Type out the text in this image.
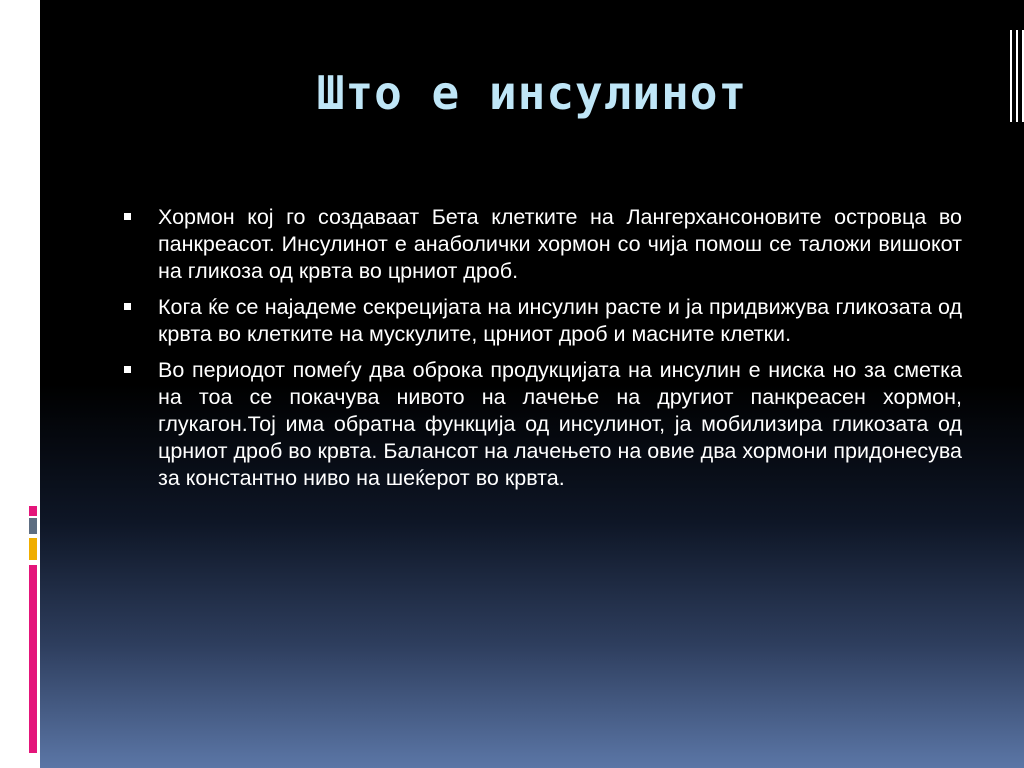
Што е инсулинот
Хормон кој го создаваат Бета клетките на Лангерхансоновите островца во панкреасот. Инсулинот е анаболички хормон со чија помош се таложи вишокот на гликоза од крвта во црниот дроб.
Кога ќе се најадеме секрецијата на инсулин расте и ја придвижува гликозата од крвта во клетките на мускулите, црниот дроб и масните клетки.
Во периодот помеѓу два оброка продукцијата на инсулин е ниска но за сметка на тоа се покачува нивото на лачење на другиот панкреасен хормон, глукагон.Тој има обратна функција од инсулинот, ја мобилизира гликозата од црниот дроб во крвта. Балансот на лачењето на овие два хормони придонесува за константно ниво на шеќерот во крвта.
